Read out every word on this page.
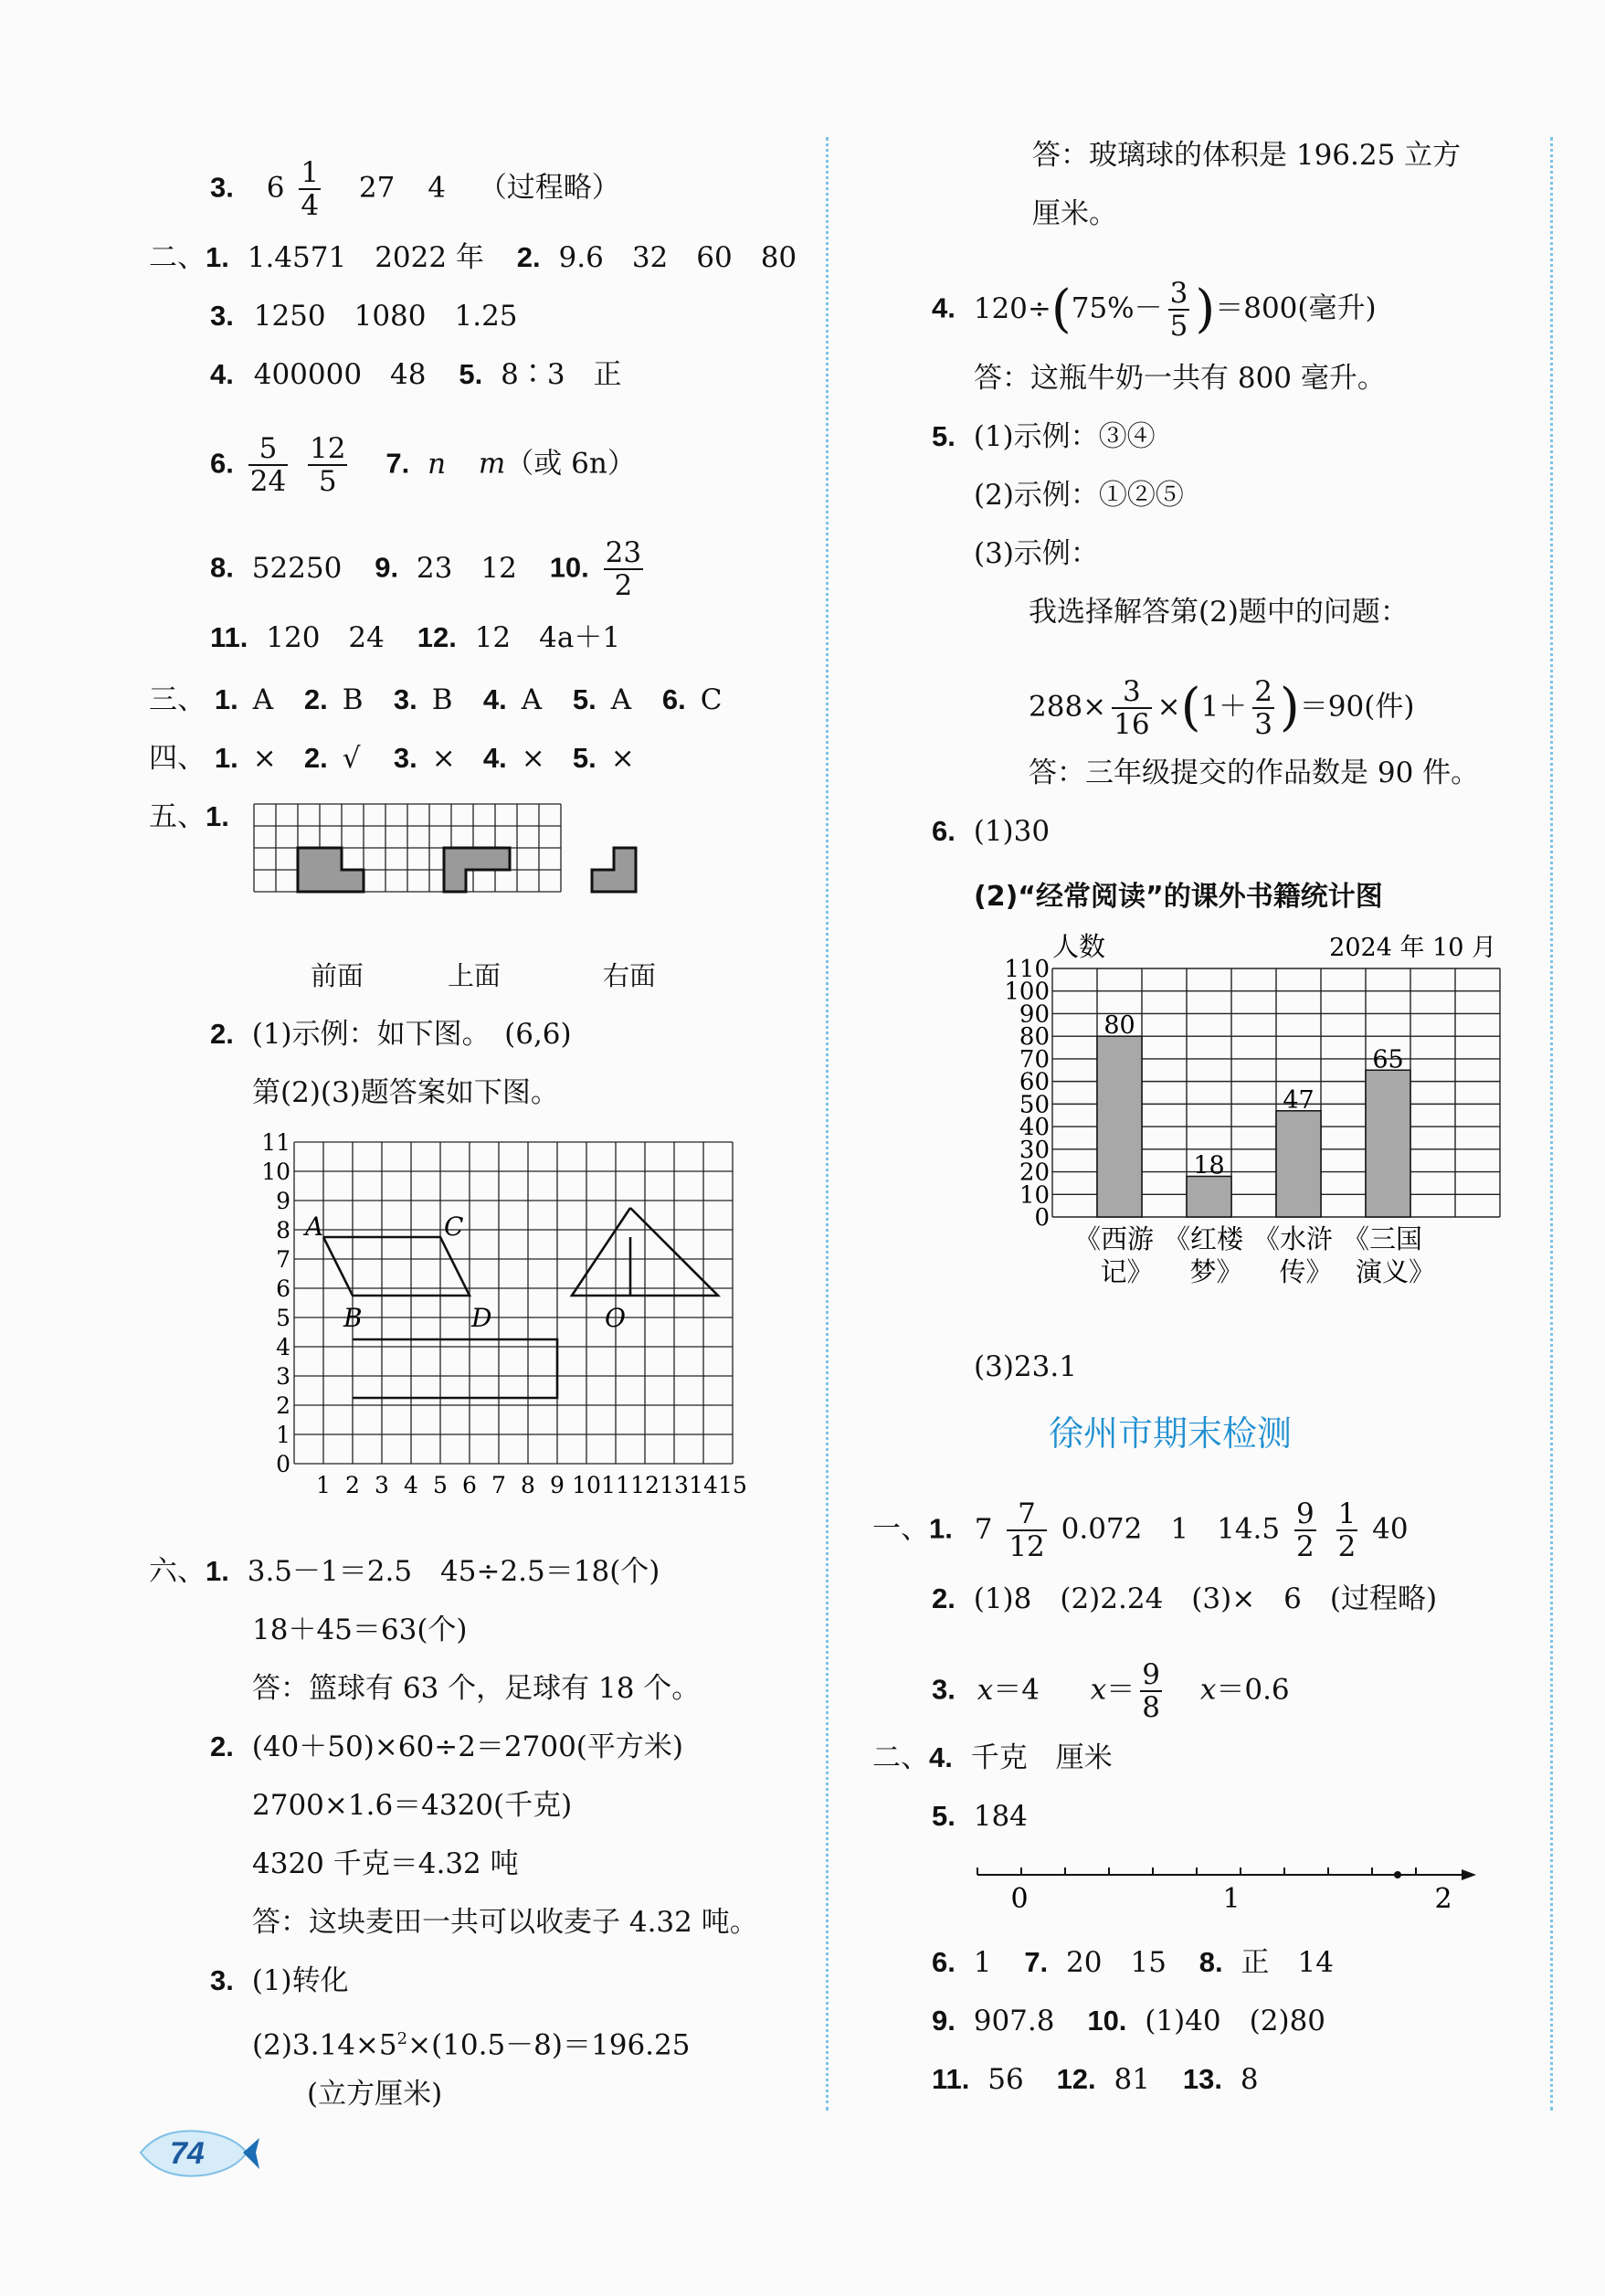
3. $6 \frac{1}{4} 27$ 4 （过程略）
二、1. 1.4571　2022 年 2. 9.6　32　60　80
3. 1250　1080　1.25
4. 400000　48 5. 8∶3　正
6. $\frac{5}{24}$
$\frac{12}{5} 7$. n m（或 6n）
8. 52250 9. 23　12 10. $\frac{23}{2}$
11. 120　24 12. 12　4a＋1
三、 1. A 2. B 3. B 4. A 5. A 6. C
四、 1. × 2. √ 3. × 4. × 5. ×
五、1.
前面	上面	右面
2. (1)示例：如下图。　(6,6)
第(2)(3)题答案如下图。
11
10
9
8
7
6
5
4
3
2
1
0
1 2 3 4 5 6 7 8 9 10 11 12 13 14 15
A	C
B	D	O
六、1. 3.5－1＝2.5　45÷2.5＝18(个)
18＋45＝63(个)
答：篮球有 63 个，足球有 18 个。
2. (40＋50)×60÷2＝2700(平方米)
2700×1.6＝4320(千克)
4320 千克＝4.32 吨
答：这块麦田一共可以收麦子 4.32 吨。
3. (1)转化
$(2)3.14\times 5^2\times(10.5-8)=196.25$
(立方厘米)
74
答：玻璃球的体积是 196.25 立方
厘米。
4. $120\div(75\%- \frac{3}{5} )=800$(毫升)
答：这瓶牛奶一共有 800 毫升。
5. (1)示例：③④
(2)示例：①②⑤
(3)示例：
我选择解答第(2)题中的问题：
$288\times \frac{3}{16} \times(1+ \frac{2}{3} )=90$(件)
答：三年级提交的作品数是 90 件。
6. (1)30
(2)“经常阅读”的课外书籍统计图
80
18
47
65
0
10
20
30
40
50
60
70
80
90
100
110
《西游
记》
《红楼
梦》
《水浒
传》
《三国
演义》
人数	2024 年 10 月
(3)23.1
徐州市期末检测
一、1. $7 \frac{7}{12} 0.072$　1　$14.5 \frac{9}{2}$
$\frac{1}{2} 40$
2. (1)8　(2)2.24　(3)×　6　(过程略)
3. x＝4 $x= \frac{9}{8} x=0.6$
二、4. 千克　厘米
5. 184
0	1	2
6. 1 7. 20　15 8. 正　14
9. 907.8 10. (1)40　(2)80
11. 56 12. 81 13. 8
